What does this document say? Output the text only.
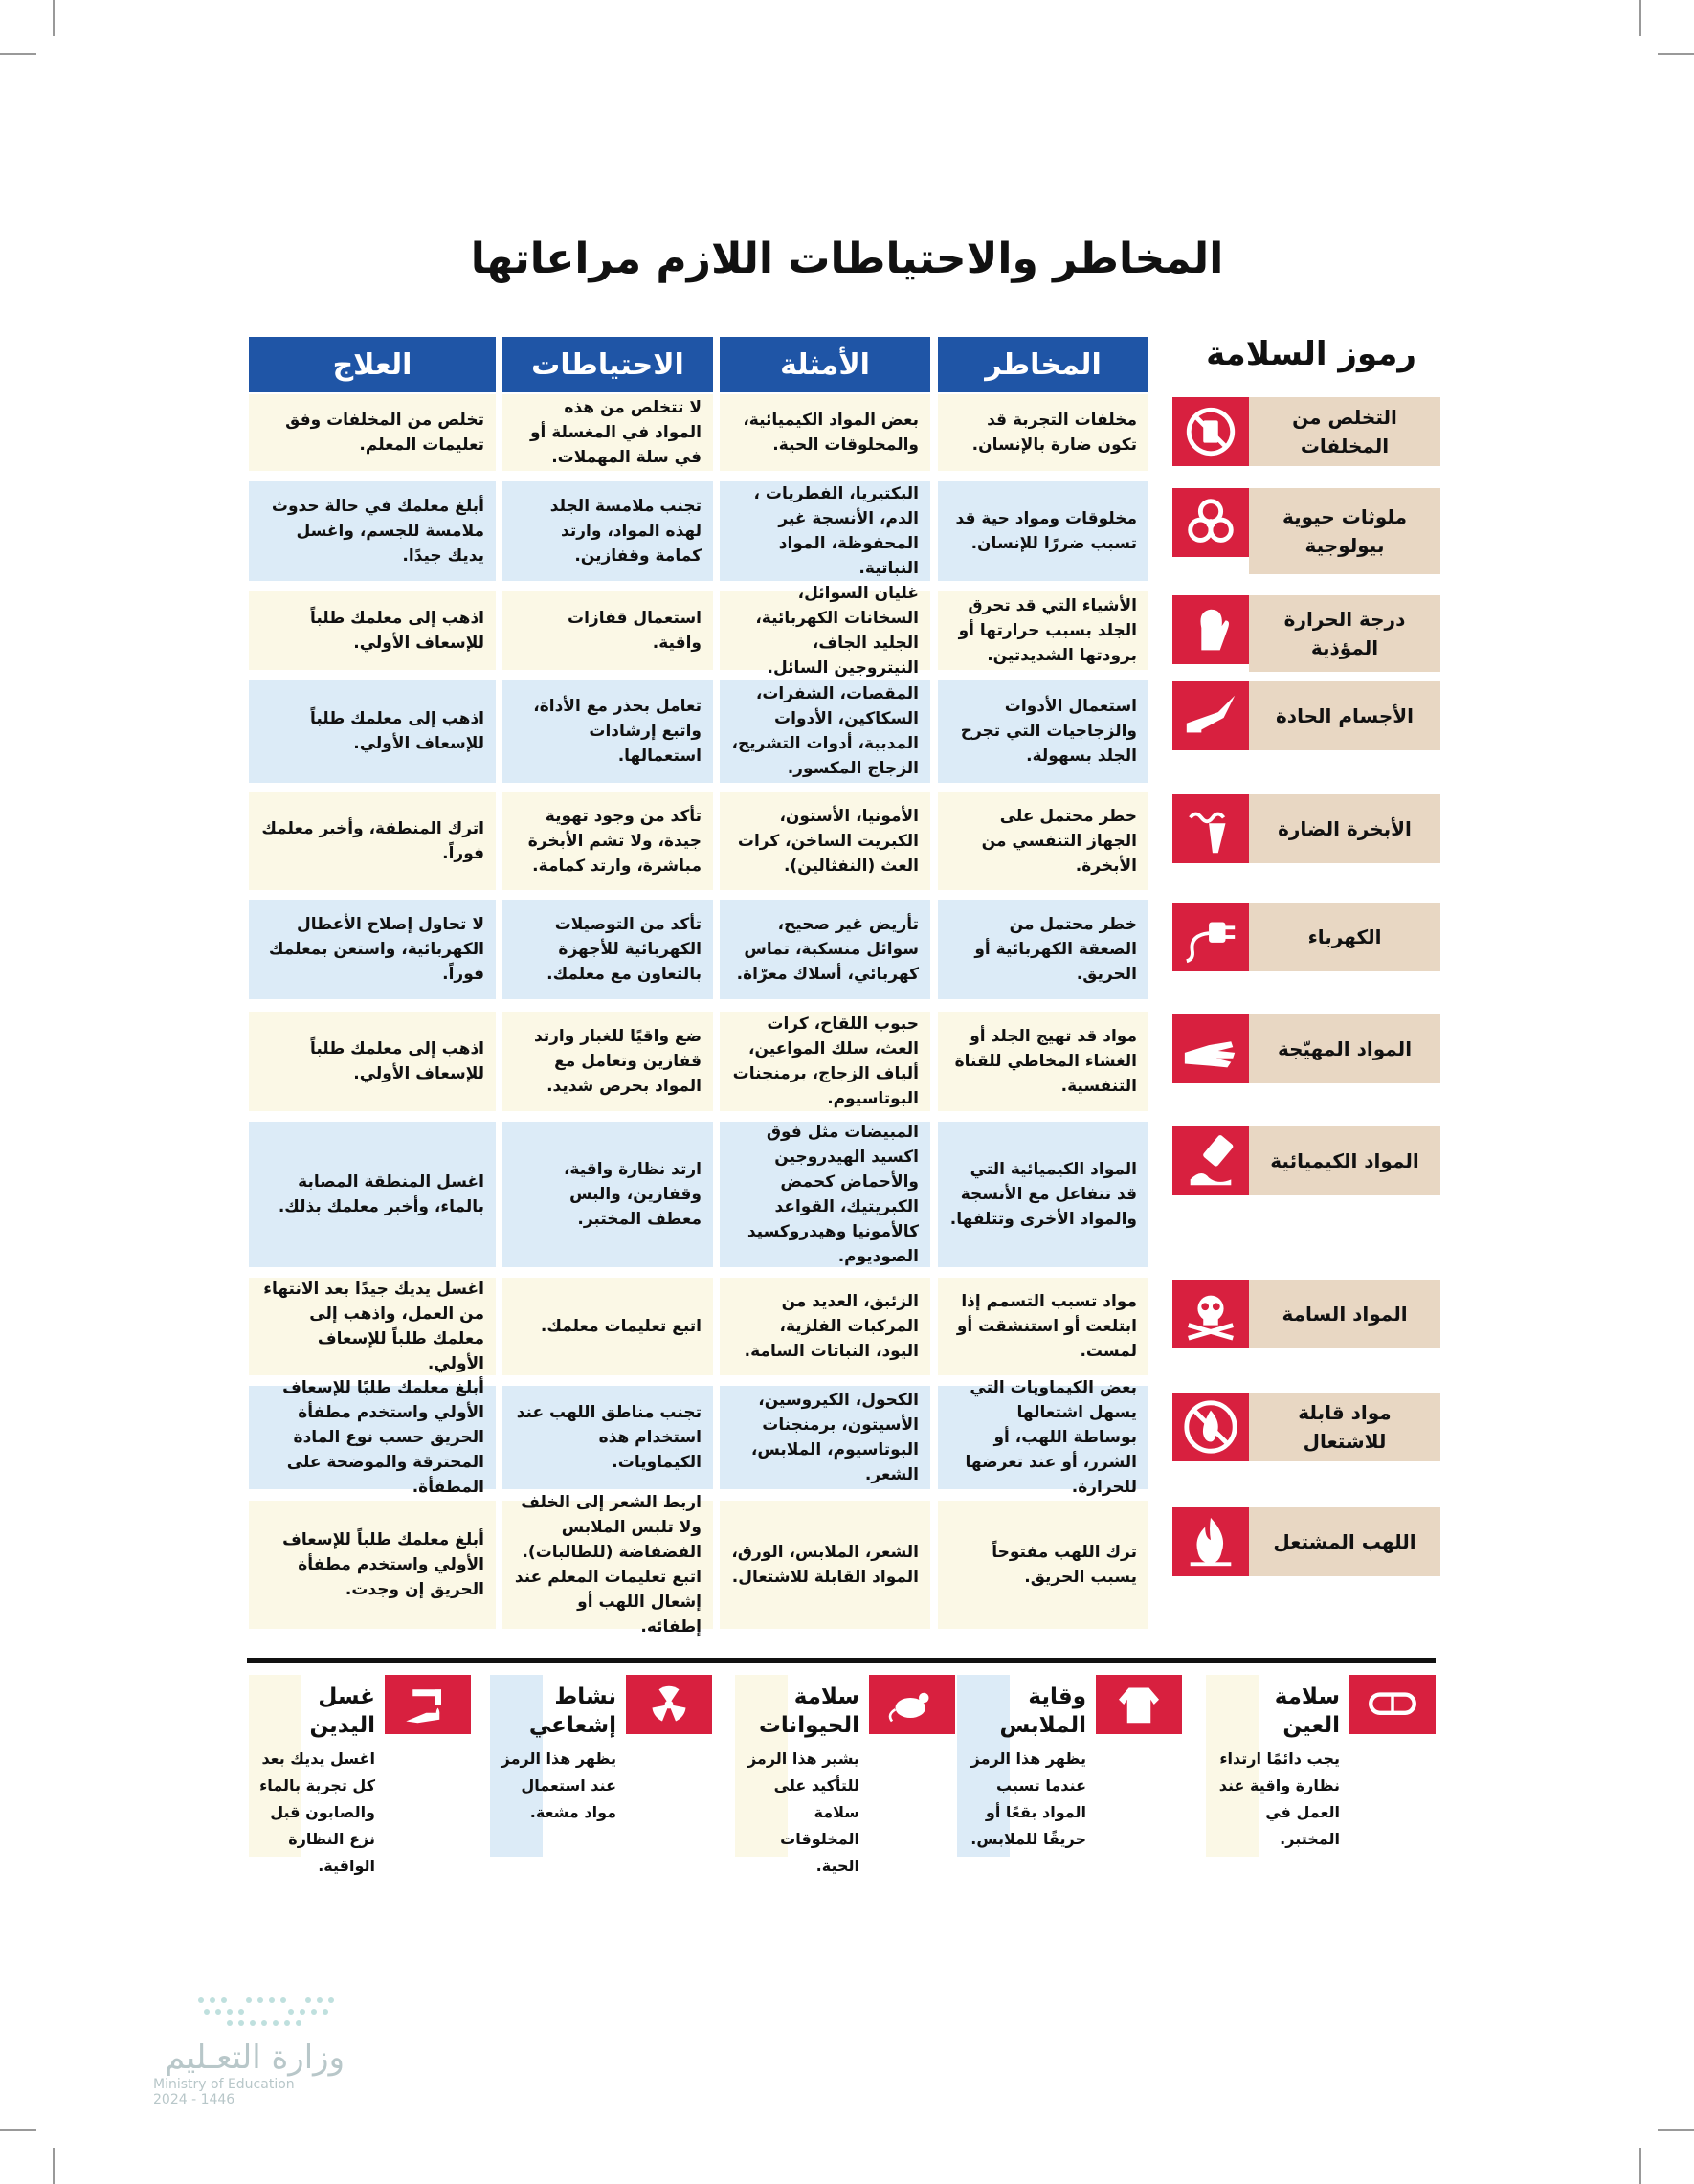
المخاطر والاحتياطات اللازم مراعاتها
رموز السلامة
المخاطر
الأمثلة
الاحتياطات
العلاج
مخلفات التجربة قد تكون ضارة بالإنسان.
بعض المواد الكيميائية، والمخلوقات الحية.
لا تتخلص من هذه المواد في المغسلة أو في سلة المهملات.
تخلص من المخلفات وفق تعليمات المعلم.
التخلص من المخلفات
مخلوقات ومواد حية قد تسبب ضررًا للإنسان.
البكتيريا، الفطريات ، الدم، الأنسجة غير المحفوظة، المواد النباتية.
تجنب ملامسة الجلد لهذه المواد، وارتد كمامة وقفازين.
أبلغ معلمك في حالة حدوث ملامسة للجسم، واغسل يديك جيدًا.
ملوثات حيوية بيولوجية
الأشياء التي قد تحرق الجلد بسبب حرارتها أو برودتها الشديدتين.
غليان السوائل، السخانات الكهربائية، الجليد الجاف، النيتروجين السائل.
استعمال قفازات واقية.
اذهب إلى معلمك طلباً للإسعاف الأولي.
درجة الحرارة المؤذية
استعمال الأدوات والزجاجيات التي تجرح الجلد بسهولة.
المقصات، الشفرات، السكاكين، الأدوات المدببة، أدوات التشريح، الزجاج المكسور.
تعامل بحذر مع الأداة، واتبع إرشادات استعمالها.
اذهب إلى معلمك طلباً للإسعاف الأولي.
الأجسام الحادة
خطر محتمل على الجهاز التنفسي من الأبخرة.
الأمونيا، الأستون، الكبريت الساخن، كرات العث (النفثالين).
تأكد من وجود تهوية جيدة، ولا تشم الأبخرة مباشرة، وارتد كمامة.
اترك المنطقة، وأخبر معلمك فوراً.
الأبخرة الضارة
خطر محتمل من الصعقة الكهربائية أو الحريق.
تأريض غير صحيح، سوائل منسكبة، تماس كهربائي، أسلاك معرّاة.
تأكد من التوصيلات الكهربائية للأجهزة بالتعاون مع معلمك.
لا تحاول إصلاح الأعطال الكهربائية، واستعن بمعلمك فوراً.
الكهرباء
مواد قد تهيج الجلد أو الغشاء المخاطي للقناة التنفسية.
حبوب اللقاح، كرات العث، سلك المواعين، ألياف الزجاج، برمنجنات البوتاسيوم.
ضع واقيًا للغبار وارتد قفازين وتعامل مع المواد بحرص شديد.
اذهب إلى معلمك طلباً للإسعاف الأولي.
المواد المهيّجة
المواد الكيميائية التي قد تتفاعل مع الأنسجة والمواد الأخرى وتتلفها.
المبيضات مثل فوق اكسيد الهيدروجين والأحماض كحمض الكبريتيك، القواعد كالأمونيا وهيدروكسيد الصوديوم.
ارتد نظارة واقية، وقفازين، والبس معطف المختبر.
اغسل المنطقة المصابة بالماء، وأخبر معلمك بذلك.
المواد الكيميائية
مواد تسبب التسمم إذا ابتلعت أو استنشقت أو لمست.
الزئبق، العديد من المركبات الفلزية، اليود، النباتات السامة.
اتبع تعليمات معلمك.
اغسل يديك جيدًا بعد الانتهاء من العمل، واذهب إلى معلمك طلباً للإسعاف الأولي.
المواد السامة
بعض الكيماويات التي يسهل اشتعالها بوساطة اللهب، أو الشرر، أو عند تعرضها للحرارة.
الكحول، الكيروسين، الأسيتون، برمنجنات البوتاسيوم، الملابس، الشعر.
تجنب مناطق اللهب عند استخدام هذه الكيماويات.
أبلغ معلمك طلبًا للإسعاف الأولي واستخدم مطفأة الحريق حسب نوع المادة المحترقة والموضحة على المطفأة.
مواد قابلة للاشتعال
ترك اللهب مفتوحاً يسبب الحريق.
الشعر، الملابس، الورق، المواد القابلة للاشتعال.
اربط الشعر إلى الخلف ولا تلبس الملابس الفضفاضة (للطالبات). اتبع تعليمات المعلم عند إشعال اللهب أو إطفائه.
أبلغ معلمك طلباً للإسعاف الأولي واستخدم مطفأة الحريق إن وجدت.
اللهب المشتعل
سلامة العين
يجب دائمًا ارتداء نظارة واقية عند العمل في المختبر.
وقاية الملابس
يظهر هذا الرمز عندما تسبب المواد بقعًا أو حريقًا للملابس.
سلامة الحيوانات
يشير هذا الرمز للتأكيد على سلامة المخلوقات الحية.
نشاط إشعاعي
يظهر هذا الرمز عند استعمال مواد مشعة.
غسل اليدين
اغسل يديك بعد كل تجربة بالماء والصابون قبل نزع النظارة الواقية.
وزارة التعـليم
Ministry of Education
2024 - 1446
